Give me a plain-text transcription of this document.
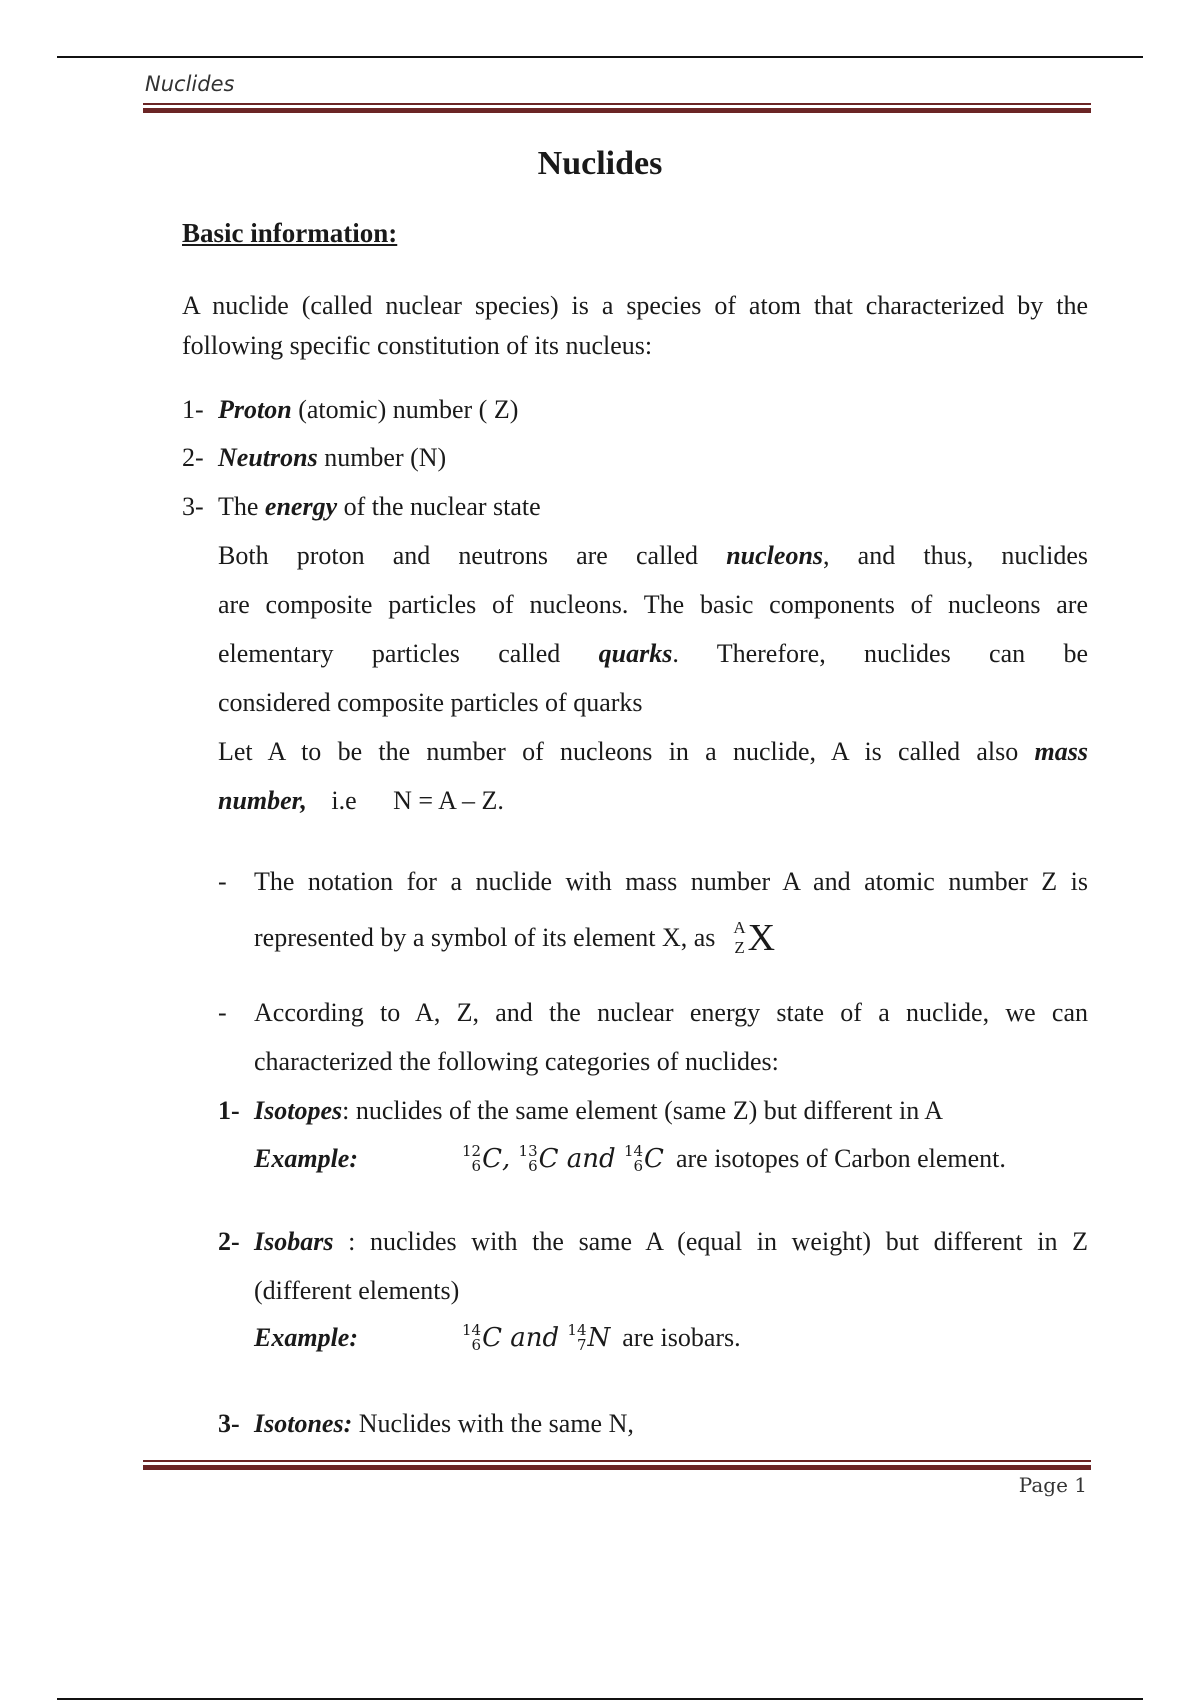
Nuclides
Nuclides
Basic information:
A nuclide (called nuclear species) is a species of atom that characterized by the
following specific constitution of its nucleus:
1- Proton (atomic) number ( Z)
2- Neutrons number (N)
3- The energy of the nuclear state
Both proton and neutrons are called nucleons, and thus, nuclides
are composite particles of nucleons. The basic components of nucleons are
elementary particles called quarks. Therefore, nuclides can be
considered composite particles of quarks
Let A to be the number of nucleons in a nuclide, A is called also mass
number, i.e N = A – Z.
- The notation for a nuclide with mass number A and atomic number Z is
represented by a symbol of its element X, as A
Z X
- According to A, Z, and the nuclear energy state of a nuclide, we can
characterized the following categories of nuclides:
1- Isotopes: nuclides of the same element (same Z) but different in A
Example:	12
6 C , 13
6 C and 14
6 C are isotopes of Carbon element.
2- Isobars : nuclides with the same A (equal in weight) but different in Z
(different elements)
Example:	14
6 C and 14
7 N are isobars.
3- Isotones: Nuclides with the same N,
Page 1
